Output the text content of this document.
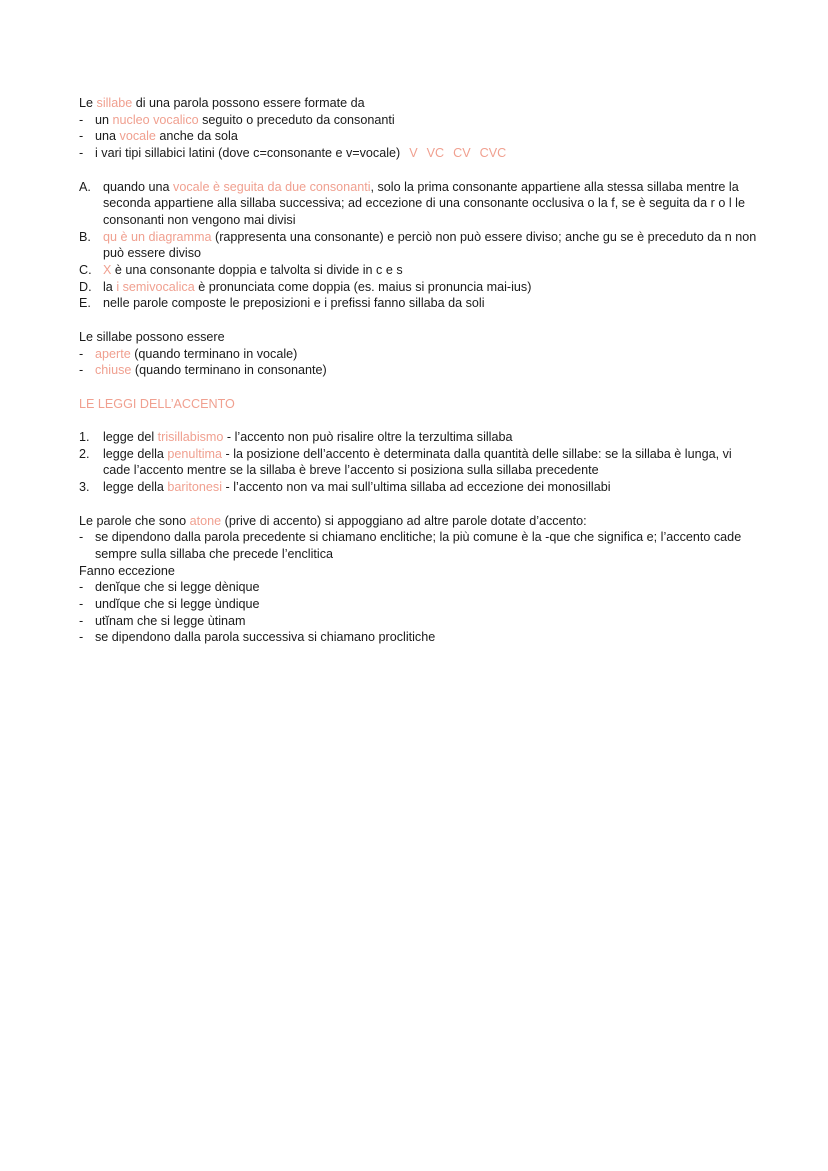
Le sillabe di una parola possono essere formate da

- un nucleo vocalico seguito o preceduto da consonanti

- una vocale anche da sola

- i vari tipi sillabici latini (dove c=consonante e v=vocale) V VC CV CVC

A. quando una vocale è seguita da due consonanti, solo la prima consonante appartiene alla stessa sillaba mentre la seconda appartiene alla sillaba successiva; ad eccezione di una consonante occlusiva o la f, se è seguita da r o l le consonanti non vengono mai divisi

B. qu è un diagramma (rappresenta una consonante) e perciò non può essere diviso; anche gu se è preceduto da n non può essere diviso

C. X è una consonante doppia e talvolta si divide in c e s

D. la i semivocalica è pronunciata come doppia (es. maius si pronuncia mai-ius)

E. nelle parole composte le preposizioni e i prefissi fanno sillaba da soli

Le sillabe possono essere

- aperte (quando terminano in vocale)

- chiuse (quando terminano in consonante)

LE LEGGI DELL’ACCENTO

1. legge del trisillabismo - l’accento non può risalire oltre la terzultima sillaba

2. legge della penultima - la posizione dell’accento è determinata dalla quantità delle sillabe: se la sillaba è lunga, vi cade l’accento mentre se la sillaba è breve l’accento si posiziona sulla sillaba precedente

3. legge della baritonesi - l’accento non va mai sull’ultima sillaba ad eccezione dei monosillabi

Le parole che sono atone (prive di accento) si appoggiano ad altre parole dotate d’accento:

- se dipendono dalla parola precedente si chiamano enclitiche; la più comune è la -que che significa e; l’accento cade sempre sulla sillaba che precede l’enclitica

Fanno eccezione

- denĭque che si legge dènique

- undĭque che si legge ùndique

- utĭnam che si legge ùtinam

- se dipendono dalla parola successiva si chiamano proclitiche
